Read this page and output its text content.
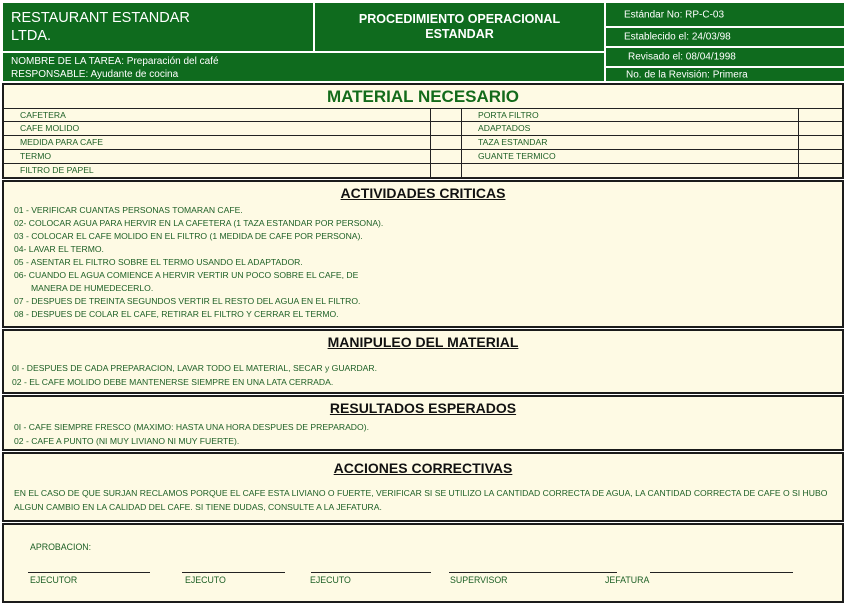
RESTAURANT ESTANDAR
LTDA.
PROCEDIMIENTO OPERACIONAL
ESTANDAR
NOMBRE DE LA TAREA: Preparación del café
RESPONSABLE: Ayudante de cocina
Estándar No: RP-C-03
Establecido el: 24/03/98
Revisado el: 08/04/1998
No. de la Revisión: Primera
MATERIAL NECESARIO
CAFETERA	PORTA FILTRO
CAFE MOLIDO	ADAPTADOS
MEDIDA PARA CAFE	TAZA ESTANDAR
TERMO	GUANTE TERMICO
FILTRO DE PAPEL
ACTIVIDADES CRITICAS
01 - VERIFICAR CUANTAS PERSONAS TOMARAN CAFE.
02- COLOCAR AGUA PARA HERVIR EN LA CAFETERA (1 TAZA ESTANDAR POR PERSONA).
03 - COLOCAR EL CAFE MOLIDO EN EL FILTRO (1 MEDIDA DE CAFE POR PERSONA).
04- LAVAR EL TERMO.
05 - ASENTAR EL FILTRO SOBRE EL TERMO USANDO EL ADAPTADOR.
06- CUANDO EL AGUA COMIENCE A HERVIR VERTIR UN POCO SOBRE EL CAFE, DE
MANERA DE HUMEDECERLO.
07 - DESPUES DE TREINTA SEGUNDOS VERTIR EL RESTO DEL AGUA EN EL FILTRO.
08 - DESPUES DE COLAR EL CAFE, RETIRAR EL FILTRO Y CERRAR EL TERMO.
MANIPULEO DEL MATERIAL
0I - DESPUES DE CADA PREPARACION, LAVAR TODO EL MATERIAL, SECAR y GUARDAR.
02 - EL CAFE MOLIDO DEBE MANTENERSE SIEMPRE EN UNA LATA CERRADA.
RESULTADOS ESPERADOS
0I - CAFE SIEMPRE FRESCO (MAXIMO: HASTA UNA HORA DESPUES DE PREPARADO).
02 - CAFE A PUNTO (NI MUY LIVIANO NI MUY FUERTE).
ACCIONES CORRECTIVAS
EN EL CASO DE QUE SURJAN RECLAMOS PORQUE EL CAFE ESTA LIVIANO O FUERTE, VERIFICAR SI SE UTILIZO LA CANTIDAD CORRECTA DE AGUA, LA CANTIDAD CORRECTA DE CAFE O SI HUBO ALGUN CAMBIO EN LA CALIDAD DEL CAFE. SI TIENE DUDAS, CONSULTE A LA JEFATURA.
APROBACION:
EJECUTOR	EJECUTO	EJECUTO	SUPERVISOR	JEFATURA
